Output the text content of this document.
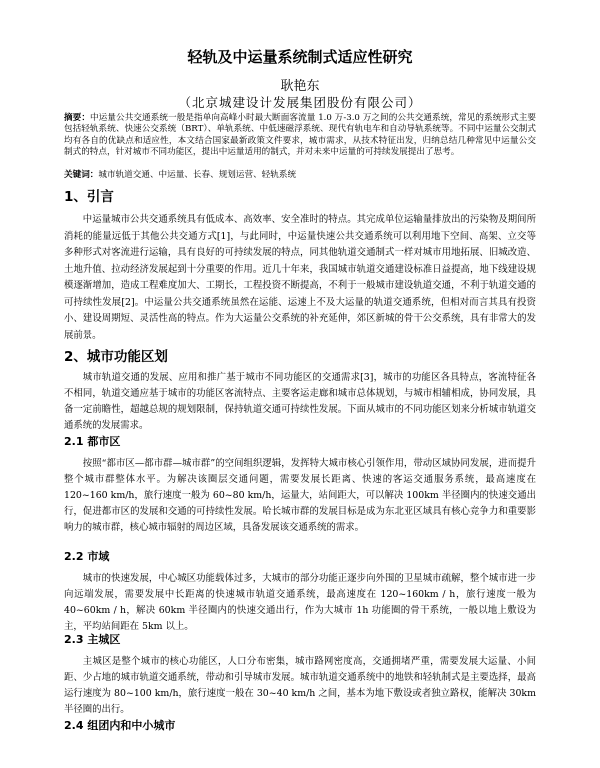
轻轨及中运量系统制式适应性研究
耿艳东
（北京城建设计发展集团股份有限公司）
摘要：中运量公共交通系统一般是指单向高峰小时最大断面客流量 1.0 万-3.0 万之间的公共交通系统，常见的系统形式主要包括轻轨系统、快速公交系统（BRT）、单轨系统、中低速磁浮系统、现代有轨电车和自动导轨系统等。不同中运量公交制式均有各自的优缺点和适应性，本文结合国家最新政策文件要求，城市需求，从技术特征出发，归纳总结几种常见中运量公交制式的特点，针对城市不同功能区，提出中运量适用的制式，并对未来中运量的可持续发展提出了思考。
关键词：城市轨道交通、中运量、长春、规划运营、轻轨系统
1、引言
中运量城市公共交通系统具有低成本、高效率、安全准时的特点。其完成单位运输量排放出的污染物及期间所消耗的能量远低于其他公共交通方式[1]，与此同时，中运量快速公共交通系统可以利用地下空间、高架、立交等多种形式对客流进行运输，具有良好的可持续发展的特点，同其他轨道交通制式一样对城市用地拓展、旧城改造、土地升值、拉动经济发展起到十分重要的作用。近几十年来，我国城市轨道交通建设标准日益提高，地下线建设规模逐渐增加，造成工程难度加大、工期长，工程投资不断提高，不利于一般城市建设轨道交通，不利于轨道交通的可持续性发展[2]。中运量公共交通系统虽然在运能、运速上不及大运量的轨道交通系统，但相对而言其具有投资小、建设周期短、灵活性高的特点。作为大运量公交系统的补充延伸，郊区新城的骨干公交系统，具有非常大的发展前景。
2、城市功能区划
城市轨道交通的发展、应用和推广基于城市不同功能区的交通需求[3]，城市的功能区各具特点，客流特征各不相同，轨道交通应基于城市的功能区客流特点、主要客运走廊和城市总体规划，与城市相辅相成，协同发展，具备一定前瞻性，超越总规的规划限制，保持轨道交通可持续性发展。下面从城市的不同功能区划来分析城市轨道交通系统的发展需求。
2.1 都市区
按照“都市区—都市群—城市群”的空间组织逻辑，发挥特大城市核心引领作用，带动区域协同发展，进而提升整个城市群整体水平。为解决该圈层交通问题，需要发展长距离、快速的客运交通服务系统，最高速度在 120~160 km/h，旅行速度一般为 60~80 km/h，运量大，站间距大，可以解决 100km 半径圈内的快速交通出行，促进都市区的发展和交通的可持续性发展。哈长城市群的发展目标是成为东北亚区域具有核心竞争力和重要影响力的城市群，核心城市辐射的周边区域，具备发展该交通系统的需求。
2.2 市域
城市的快速发展，中心城区功能载体过多，大城市的部分功能正逐步向外围的卫星城市疏解，整个城市进一步向远端发展，需要发展中长距离的快速城市轨道交通系统，最高速度在 120~160km / h，旅行速度一般为 40~60km / h，解决 60km 半径圈内的快速交通出行，作为大城市 1h 功能圈的骨干系统，一般以地上敷设为主，平均站间距在 5km 以上。
2.3 主城区
主城区是整个城市的核心功能区，人口分布密集，城市路网密度高，交通拥堵严重，需要发展大运量、小间距、少占地的城市轨道交通系统，带动和引导城市发展。城市轨道交通系统中的地铁和轻轨制式是主要选择，最高运行速度为 80~100 km/h，旅行速度一般在 30~40 km/h 之间，基本为地下敷设或者独立路权，能解决 30km 半径圈的出行。
2.4 组团内和中小城市
